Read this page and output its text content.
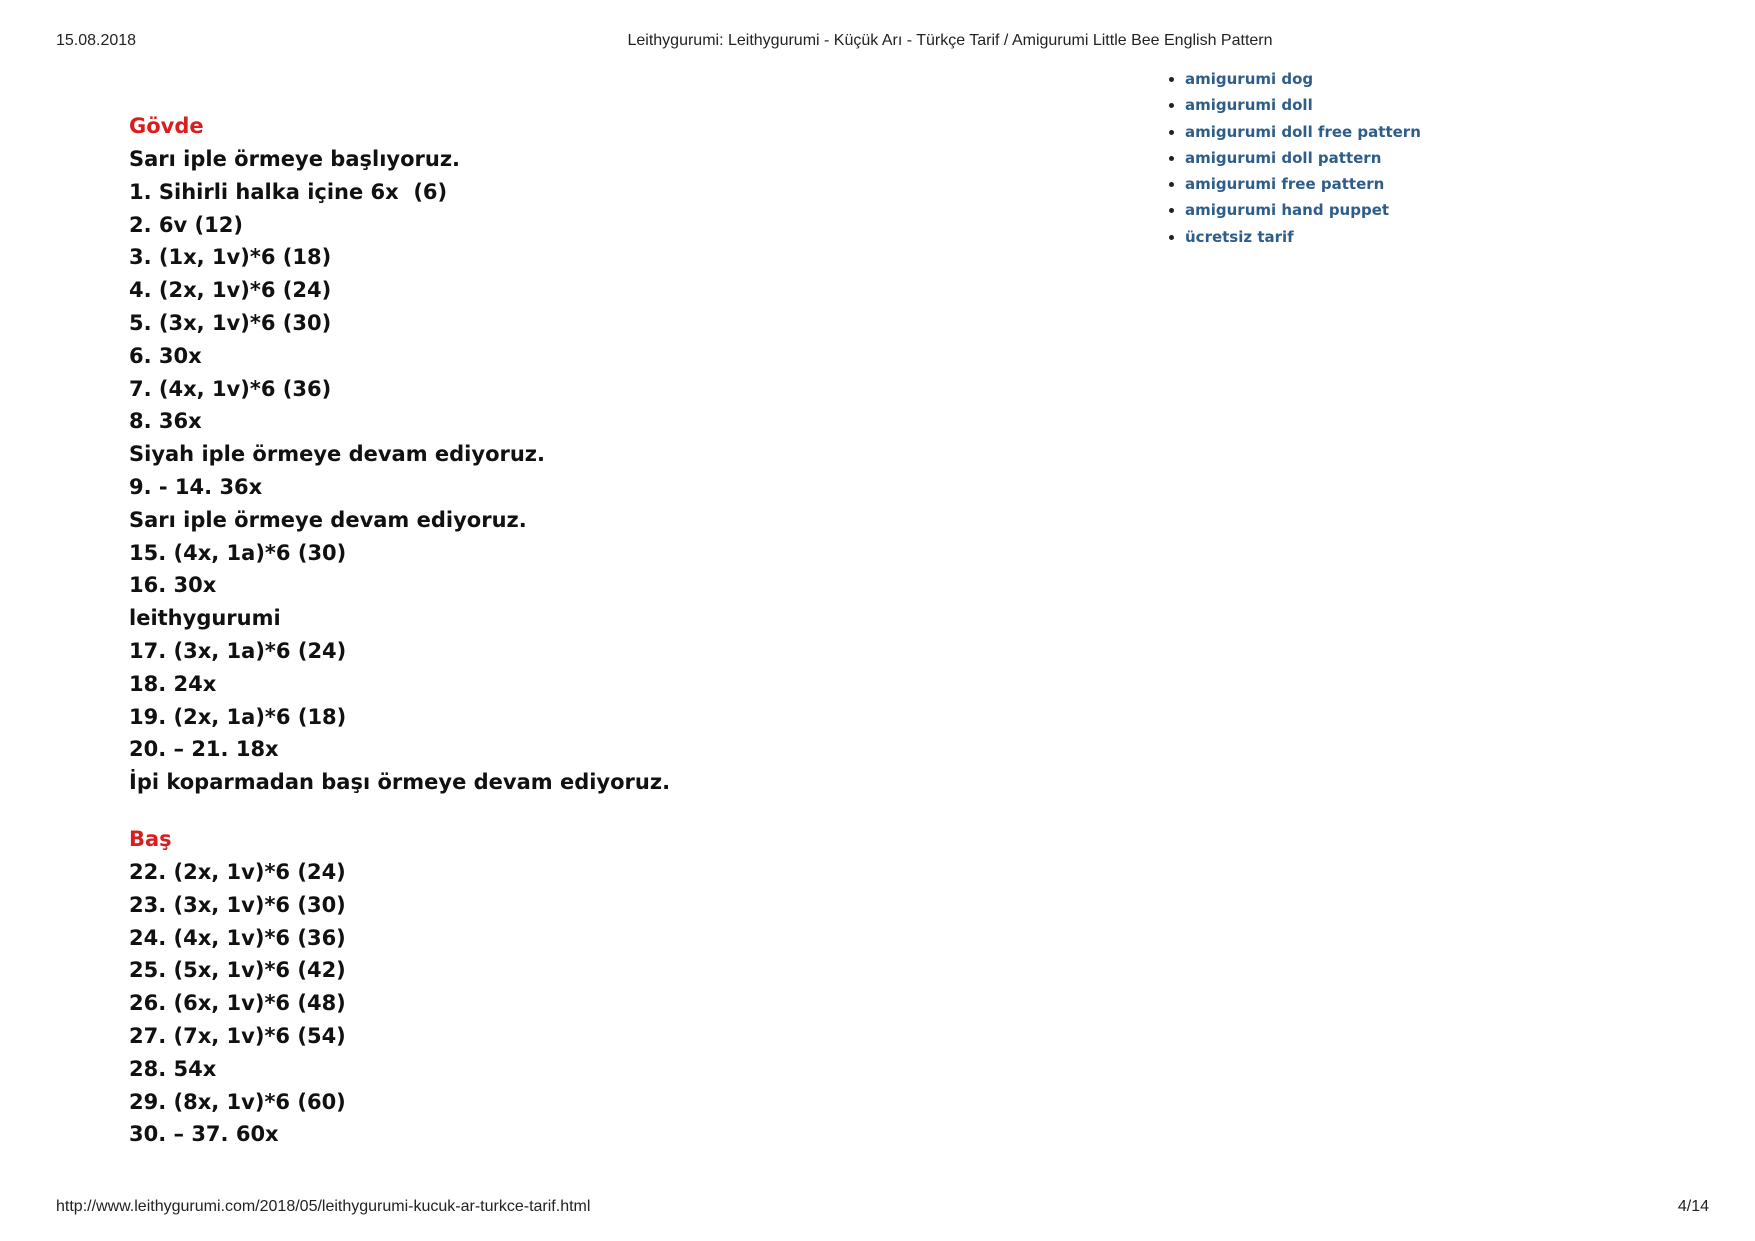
15.08.2018	Leithygurumi: Leithygurumi - Küçük Arı - Türkçe Tarif / Amigurumi Little Bee English Pattern
• amigurumi dog
• amigurumi doll
• amigurumi doll free pattern
• amigurumi doll pattern
• amigurumi free pattern
• amigurumi hand puppet
• ücretsiz tarif
Gövde
Sarı iple örmeye başlıyoruz.
1. Sihirli halka içine 6x  (6)
2. 6v (12)
3. (1x, 1v)*6 (18)
4. (2x, 1v)*6 (24)
5. (3x, 1v)*6 (30)
6. 30x
7. (4x, 1v)*6 (36)
8. 36x
Siyah iple örmeye devam ediyoruz.
9. - 14. 36x
Sarı iple örmeye devam ediyoruz.
15. (4x, 1a)*6 (30)
16. 30x
leithygurumi
17. (3x, 1a)*6 (24)
18. 24x
19. (2x, 1a)*6 (18)
20. – 21. 18x
İpi koparmadan başı örmeye devam ediyoruz.
Baş
22. (2x, 1v)*6 (24)
23. (3x, 1v)*6 (30)
24. (4x, 1v)*6 (36)
25. (5x, 1v)*6 (42)
26. (6x, 1v)*6 (48)
27. (7x, 1v)*6 (54)
28. 54x
29. (8x, 1v)*6 (60)
30. – 37. 60x
http://www.leithygurumi.com/2018/05/leithygurumi-kucuk-ar-turkce-tarif.html	4/14
